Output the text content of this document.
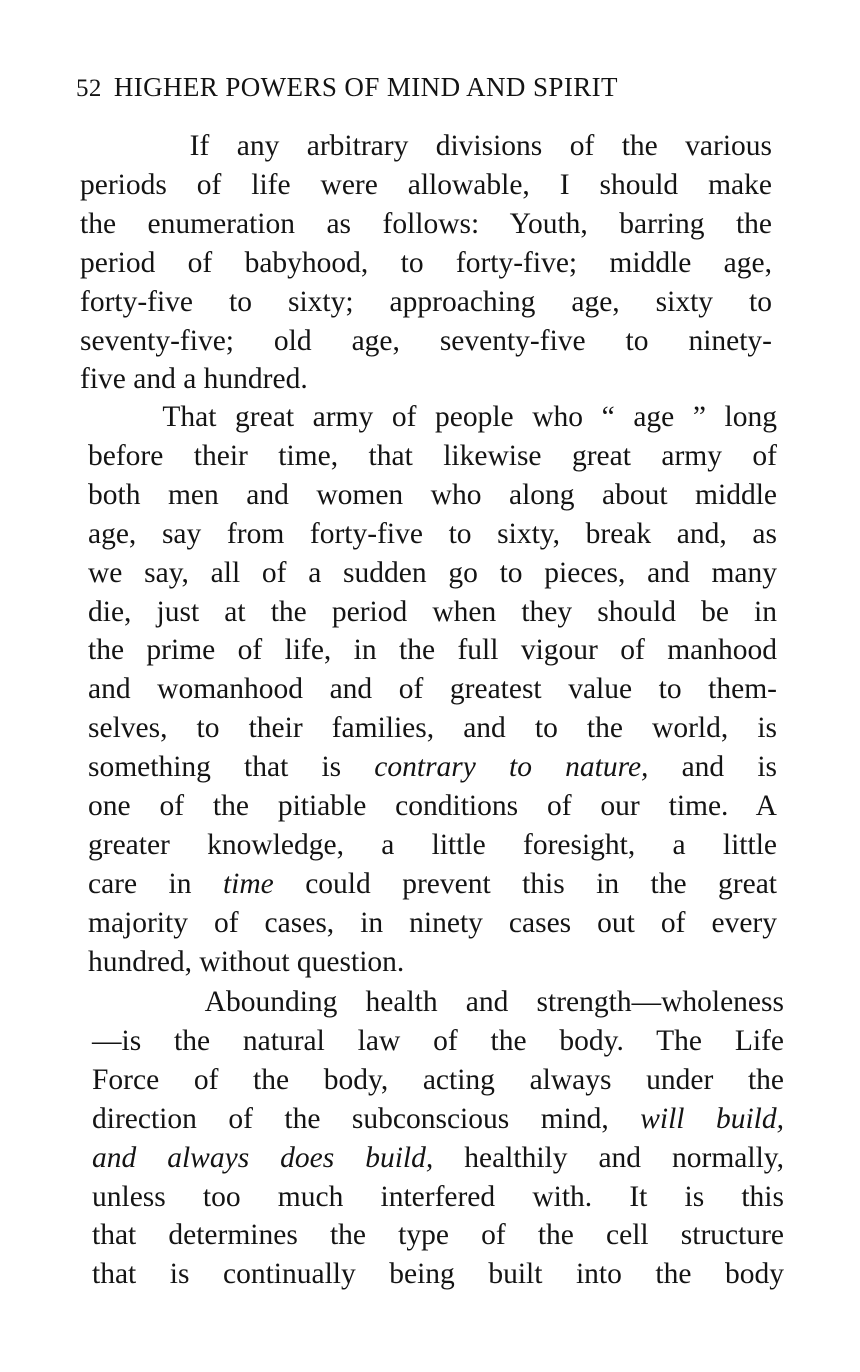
52 HIGHER POWERS OF MIND AND SPIRIT

If any arbitrary divisions of the various
periods of life were allowable, I should make
the enumeration as follows: Youth, barring the
period of babyhood, to forty-five; middle age,
forty-five to sixty; approaching age, sixty to
seventy-five; old age, seventy-five to ninety-
five and a hundred.

That great army of people who “ age ” long
before their time, that likewise great army of
both men and women who along about middle
age, say from forty-five to sixty, break and, as
we say, all of a sudden go to pieces, and many
die, just at the period when they should be in
the prime of life, in the full vigour of manhood
and womanhood and of greatest value to them-
selves, to their families, and to the world, is
something that is contrary to nature, and is
one of the pitiable conditions of our time. A
greater knowledge, a little foresight, a little
care in time could prevent this in the great
majority of cases, in ninety cases out of every
hundred, without question.

Abounding health and strength—wholeness
—is the natural law of the body. The Life
Force of the body, acting always under the
direction of the subconscious mind, will build,
and always does build, healthily and normally,
unless too much interfered with. It is this
that determines the type of the cell structure
that is continually being built into the body
